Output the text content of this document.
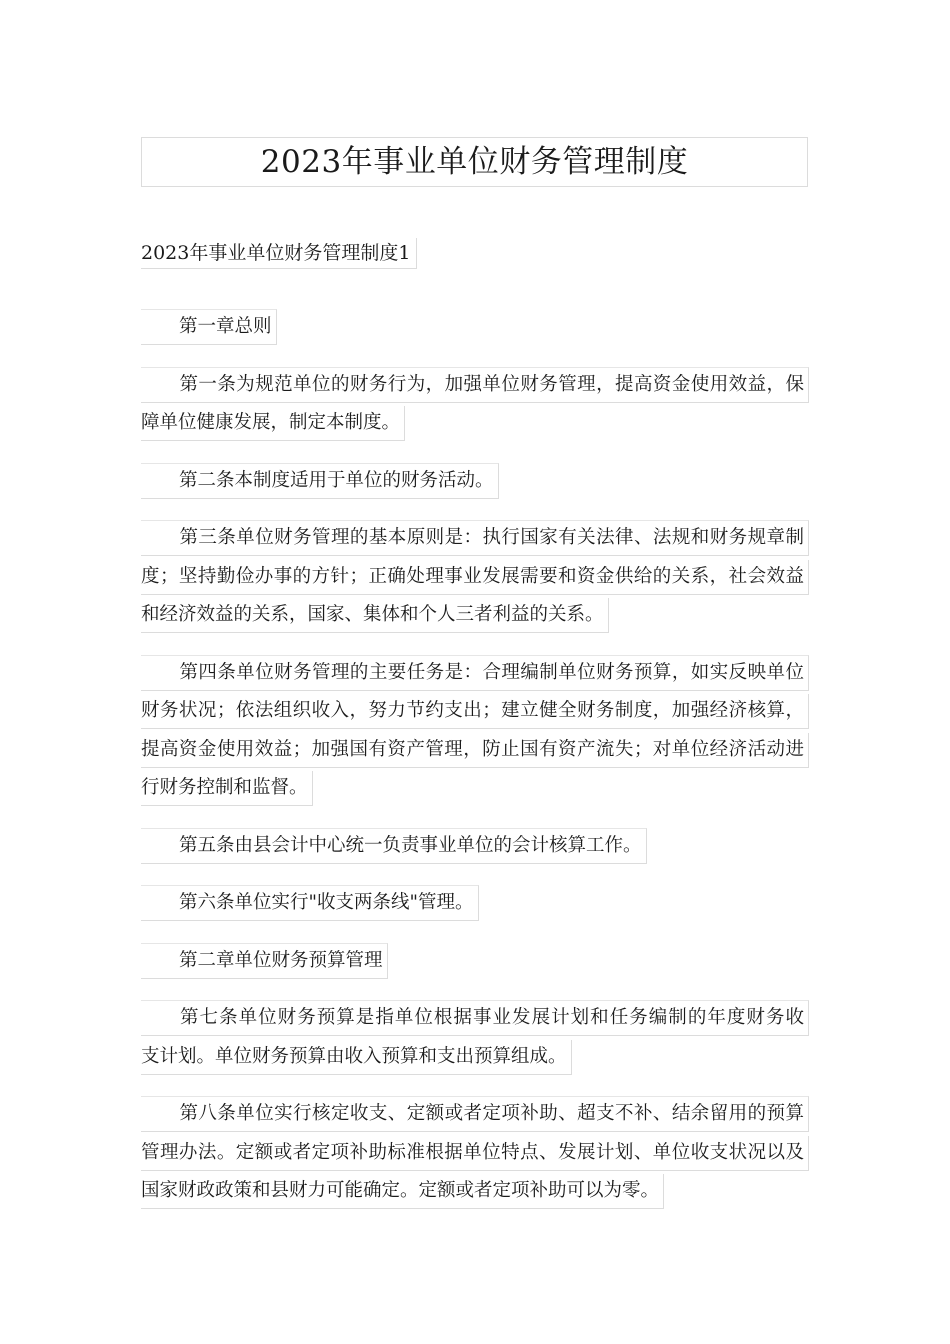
2023年事业单位财务管理制度
2023年事业单位财务管理制度1
第一章总则
第一条为规范单位的财务行为，加强单位财务管理，提高资金使用效益，保
障单位健康发展，制定本制度。
第二条本制度适用于单位的财务活动。
第三条单位财务管理的基本原则是：执行国家有关法律、法规和财务规章制
度；坚持勤俭办事的方针；正确处理事业发展需要和资金供给的关系，社会效益
和经济效益的关系，国家、集体和个人三者利益的关系。
第四条单位财务管理的主要任务是：合理编制单位财务预算，如实反映单位
财务状况；依法组织收入，努力节约支出；建立健全财务制度，加强经济核算，
提高资金使用效益；加强国有资产管理，防止国有资产流失；对单位经济活动进
行财务控制和监督。
第五条由县会计中心统一负责事业单位的会计核算工作。
第六条单位实行"收支两条线"管理。
第二章单位财务预算管理
第七条单位财务预算是指单位根据事业发展计划和任务编制的年度财务收
支计划。单位财务预算由收入预算和支出预算组成。
第八条单位实行核定收支、定额或者定项补助、超支不补、结余留用的预算
管理办法。定额或者定项补助标准根据单位特点、发展计划、单位收支状况以及
国家财政政策和县财力可能确定。定额或者定项补助可以为零。
